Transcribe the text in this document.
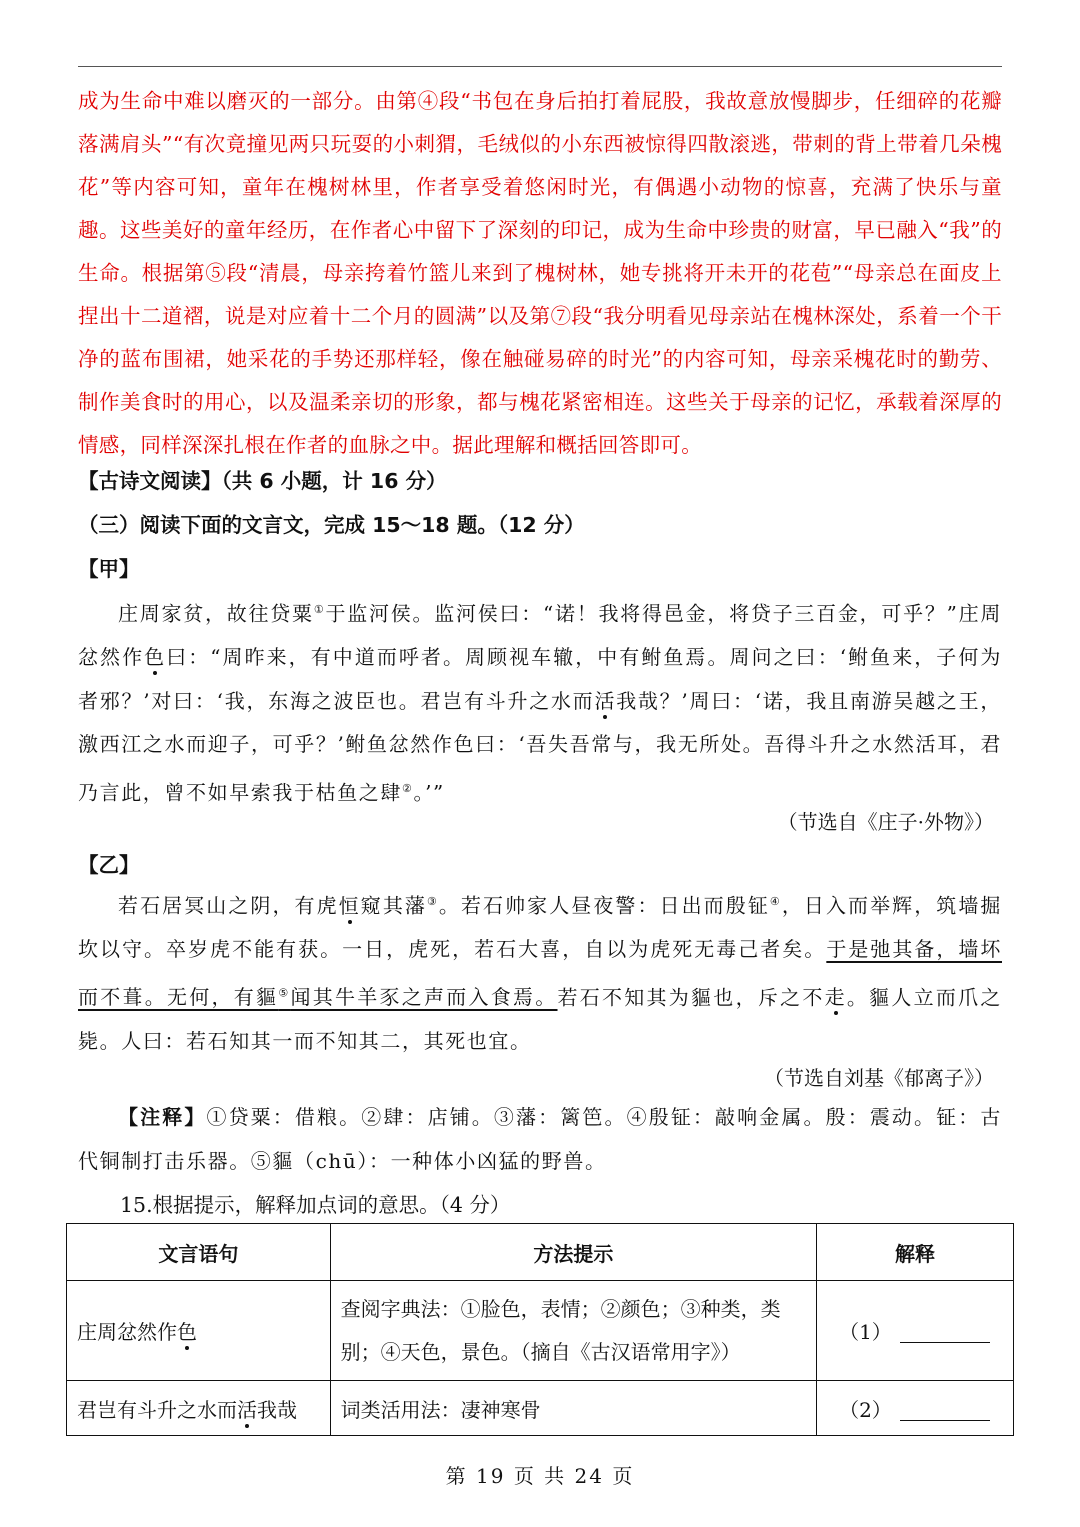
成为生命中难以磨灭的一部分。由第④段“书包在身后拍打着屁股，我故意放慢脚步，任细碎的花瓣落满肩头”“有次竟撞见两只玩耍的小刺猬，毛绒似的小东西被惊得四散滚逃，带刺的背上带着几朵槐花”等内容可知，童年在槐树林里，作者享受着悠闲时光，有偶遇小动物的惊喜，充满了快乐与童趣。这些美好的童年经历，在作者心中留下了深刻的印记，成为生命中珍贵的财富，早已融入“我”的生命。根据第⑤段“清晨，母亲挎着竹篮儿来到了槐树林，她专挑将开未开的花苞”“母亲总在面皮上捏出十二道褶，说是对应着十二个月的圆满”以及第⑦段“我分明看见母亲站在槐林深处，系着一个干净的蓝布围裙，她采花的手势还那样轻，像在触碰易碎的时光”的内容可知，母亲采槐花时的勤劳、制作美食时的用心，以及温柔亲切的形象，都与槐花紧密相连。这些关于母亲的记忆，承载着深厚的情感，同样深深扎根在作者的血脉之中。据此理解和概括回答即可。
【古诗文阅读】（共 6 小题，计 16 分）
（三）阅读下面的文言文，完成 15～18 题。（12 分）
【甲】
庄周家贫，故往贷粟①于监河侯。监河侯曰：“诺！我将得邑金，将贷子三百金，可乎？”庄周忿然作色曰：“周昨来，有中道而呼者。周顾视车辙，中有鲋鱼焉。周问之曰：‘鲋鱼来，子何为者邪？’对曰：‘我，东海之波臣也。君岂有斗升之水而活我哉？’周曰：‘诺，我且南游吴越之王，激西江之水而迎子，可乎？’鲋鱼忿然作色曰：‘吾失吾常与，我无所处。吾得斗升之水然活耳，君乃言此，曾不如早索我于枯鱼之肆②。’”
（节选自《庄子·外物》）
【乙】
若石居冥山之阴，有虎恒窥其藩③。若石帅家人昼夜警：日出而殷钲④，日入而举辉，筑墙掘坎以守。卒岁虎不能有获。一日，虎死，若石大喜，自以为虎死无毒己者矣。于是弛其备，墙坏而不葺。无何，有貙⑤闻其牛羊豕之声而入食焉。若石不知其为貙也，斥之不走。貙人立而爪之毙。人曰：若石知其一而不知其二，其死也宜。
（节选自刘基《郁离子》）
【注释】①贷粟：借粮。②肆：店铺。③藩：篱笆。④殷钲：敲响金属。殷：震动。钲：古代铜制打击乐器。⑤貙（chū）：一种体小凶猛的野兽。
15.根据提示，解释加点词的意思。（4 分）
文言语句	方法提示	解释
庄周忿然作色	查阅字典法：①脸色，表情；②颜色；③种类，类别；④天色，景色。（摘自《古汉语常用字》）	（1）
君岂有斗升之水而活我哉	词类活用法：凄神寒骨	（2）
第 19 页 共 24 页
